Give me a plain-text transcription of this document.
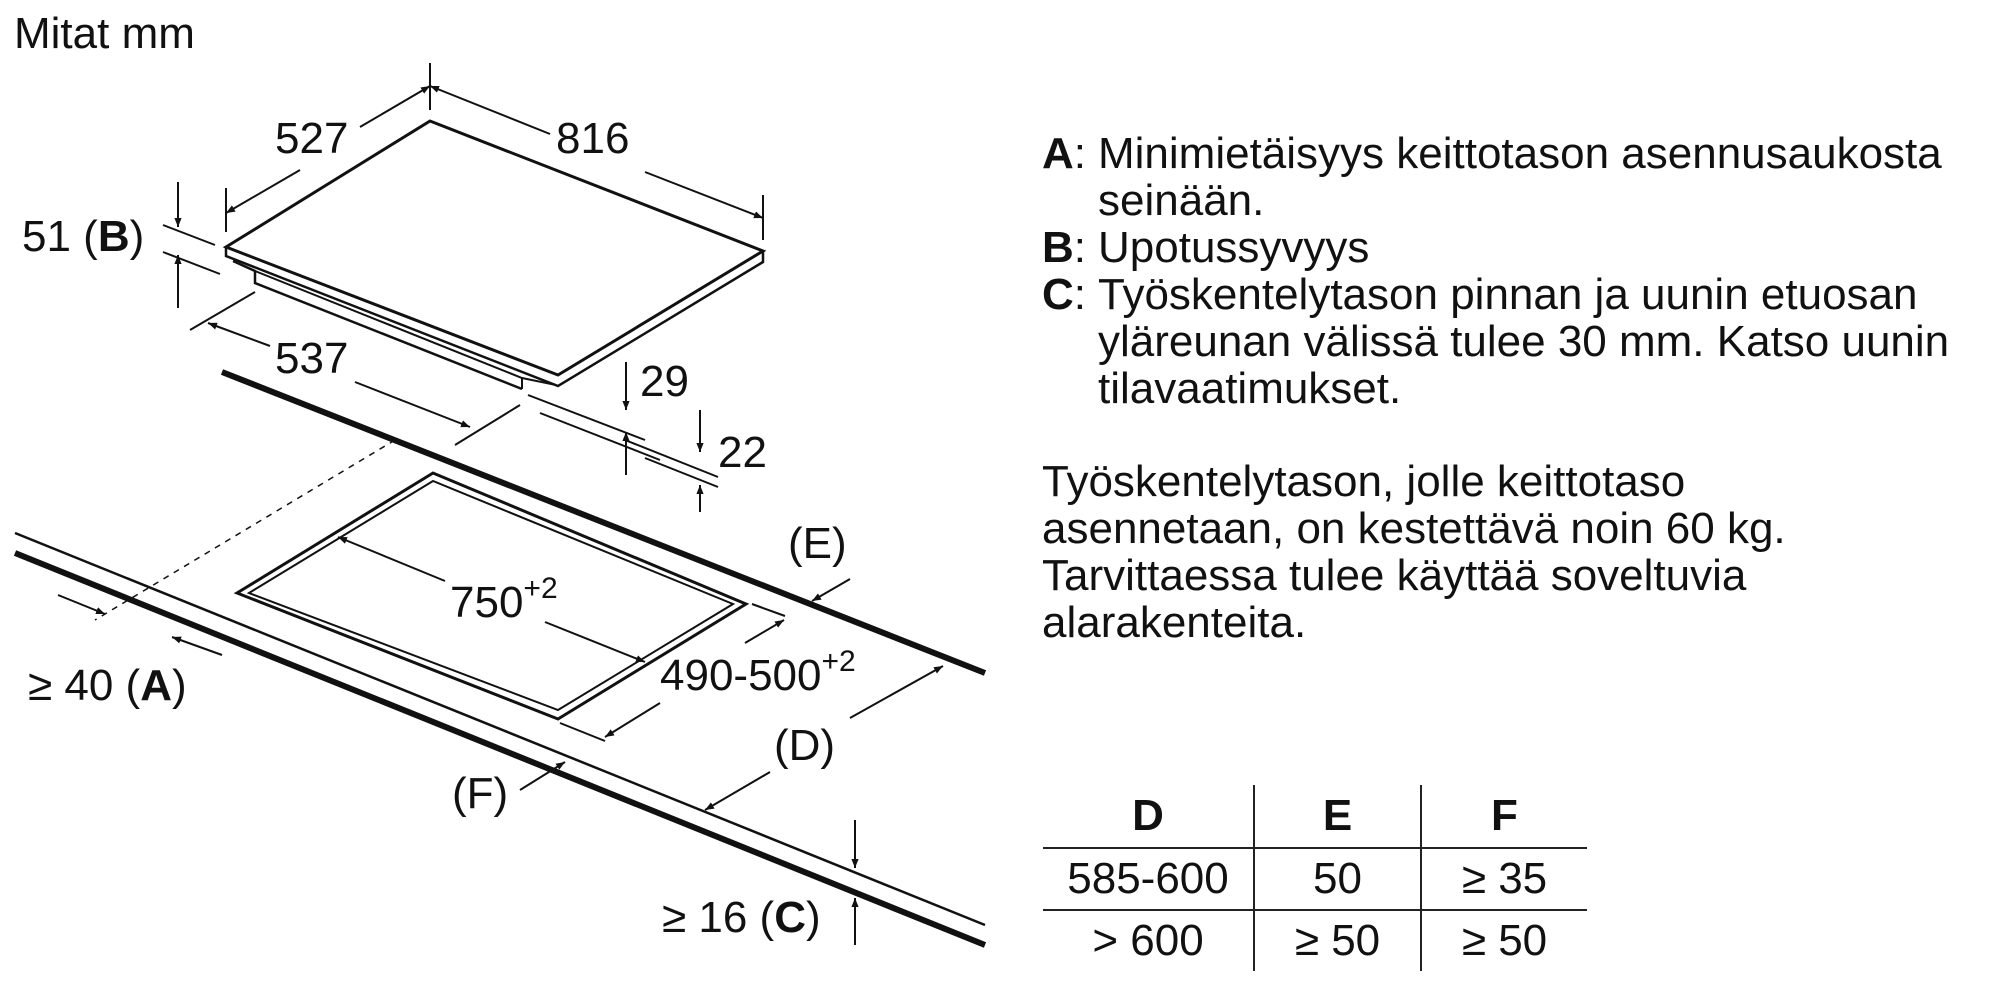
Mitat mm
527	816
51 (B)
537	29
22
$750^{+2}$
$490-500^{+2}$
(E)
(D)
(F)
≥ 40 (A)
≥ 16 (C)
A : Minimietäisyys keittotason asennusaukosta seinään.
B : Upotussyvyys
C : Työskentelytason pinnan ja uunin etuosan yläreunan välissä tulee 30 mm. Katso uunin tilavaatimukset.
Työskentelytason, jolle keittotaso asennetaan, on kestettävä noin 60 kg. Tarvittaessa tulee käyttää soveltuvia alarakenteita.
D	E	F
585-600	50	≥ 35
> 600	≥ 50	≥ 50
